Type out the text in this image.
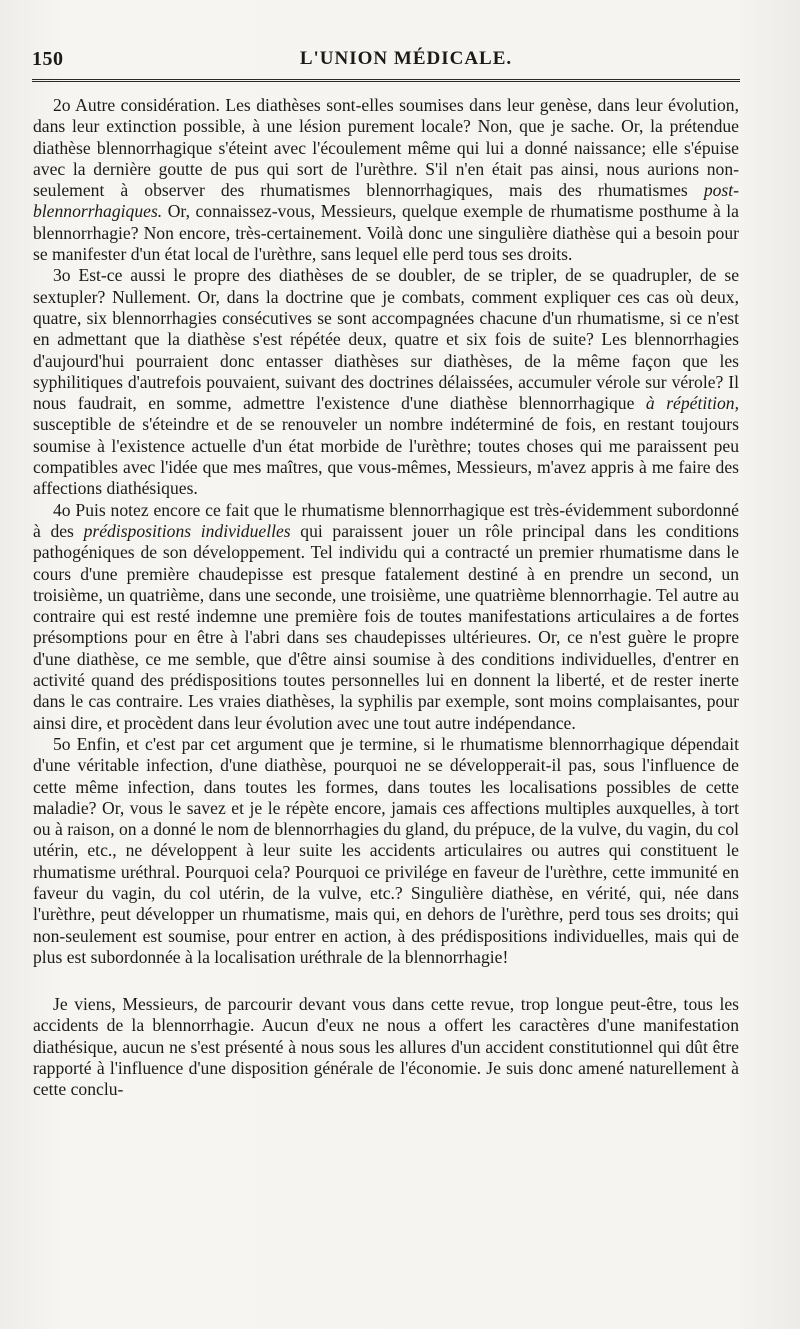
150	L'UNION MÉDICALE.

2o Autre considération. Les diathèses sont-elles soumises dans leur genèse, dans leur évolution, dans leur extinction possible, à une lésion purement locale? Non, que je sache. Or, la prétendue diathèse blennorrhagique s'éteint avec l'écoulement même qui lui a donné naissance; elle s'épuise avec la dernière goutte de pus qui sort de l'urèthre. S'il n'en était pas ainsi, nous aurions non-seulement à observer des rhumatismes blennorrhagiques, mais des rhumatismes post-blennorrhagiques. Or, connaissez-vous, Messieurs, quelque exemple de rhumatisme posthume à la blennorrhagie? Non encore, très-certainement. Voilà donc une singulière diathèse qui a besoin pour se manifester d'un état local de l'urèthre, sans lequel elle perd tous ses droits.

3o Est-ce aussi le propre des diathèses de se doubler, de se tripler, de se quadrupler, de se sextupler? Nullement. Or, dans la doctrine que je combats, comment expliquer ces cas où deux, quatre, six blennorrhagies consécutives se sont accompagnées chacune d'un rhumatisme, si ce n'est en admettant que la diathèse s'est répétée deux, quatre et six fois de suite? Les blennorrhagies d'aujourd'hui pourraient donc entasser diathèses sur diathèses, de la même façon que les syphilitiques d'autrefois pouvaient, suivant des doctrines délaissées, accumuler vérole sur vérole? Il nous faudrait, en somme, admettre l'existence d'une diathèse blennorrhagique à répétition, susceptible de s'éteindre et de se renouveler un nombre indéterminé de fois, en restant toujours soumise à l'existence actuelle d'un état morbide de l'urèthre; toutes choses qui me paraissent peu compatibles avec l'idée que mes maîtres, que vous-mêmes, Messieurs, m'avez appris à me faire des affections diathésiques.

4o Puis notez encore ce fait que le rhumatisme blennorrhagique est très-évidemment subordonné à des prédispositions individuelles qui paraissent jouer un rôle principal dans les conditions pathogéniques de son développement. Tel individu qui a contracté un premier rhumatisme dans le cours d'une première chaudepisse est presque fatalement destiné à en prendre un second, un troisième, un quatrième, dans une seconde, une troisième, une quatrième blennorrhagie. Tel autre au contraire qui est resté indemne une première fois de toutes manifestations articulaires a de fortes présomptions pour en être à l'abri dans ses chaudepisses ultérieures. Or, ce n'est guère le propre d'une diathèse, ce me semble, que d'être ainsi soumise à des conditions individuelles, d'entrer en activité quand des prédispositions toutes personnelles lui en donnent la liberté, et de rester inerte dans le cas contraire. Les vraies diathèses, la syphilis par exemple, sont moins complaisantes, pour ainsi dire, et procèdent dans leur évolution avec une tout autre indépendance.

5o Enfin, et c'est par cet argument que je termine, si le rhumatisme blennorrhagique dépendait d'une véritable infection, d'une diathèse, pourquoi ne se développerait-il pas, sous l'influence de cette même infection, dans toutes les formes, dans toutes les localisations possibles de cette maladie? Or, vous le savez et je le répète encore, jamais ces affections multiples auxquelles, à tort ou à raison, on a donné le nom de blennorrhagies du gland, du prépuce, de la vulve, du vagin, du col utérin, etc., ne développent à leur suite les accidents articulaires ou autres qui constituent le rhumatisme uréthral. Pourquoi cela? Pourquoi ce privilége en faveur de l'urèthre, cette immunité en faveur du vagin, du col utérin, de la vulve, etc.? Singulière diathèse, en vérité, qui, née dans l'urèthre, peut développer un rhumatisme, mais qui, en dehors de l'urèthre, perd tous ses droits; qui non-seulement est soumise, pour entrer en action, à des prédispositions individuelles, mais qui de plus est subordonnée à la localisation uréthrale de la blennorrhagie!

Je viens, Messieurs, de parcourir devant vous dans cette revue, trop longue peut-être, tous les accidents de la blennorrhagie. Aucun d'eux ne nous a offert les caractères d'une manifestation diathésique, aucun ne s'est présenté à nous sous les allures d'un accident constitutionnel qui dût être rapporté à l'influence d'une disposition générale de l'économie. Je suis donc amené naturellement à cette conclu-
